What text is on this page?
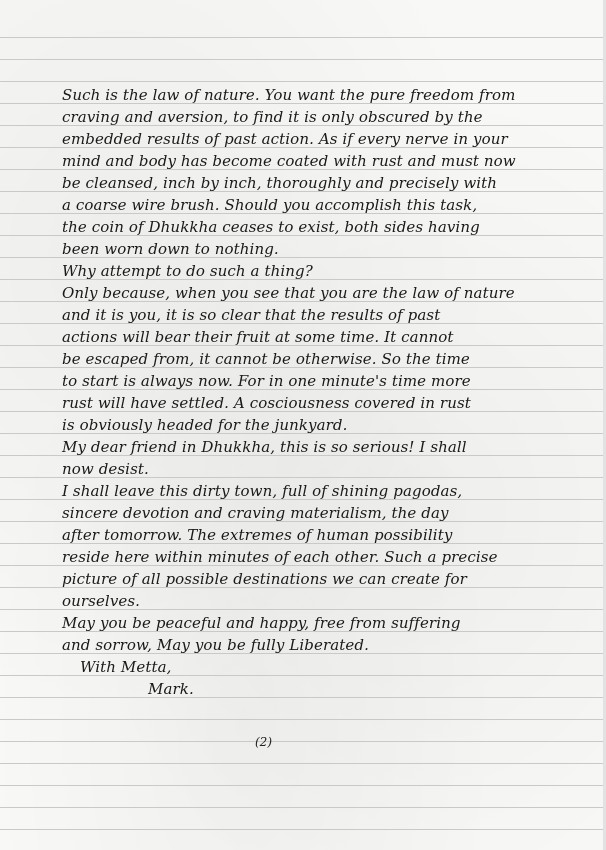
Such is the law of nature. You want the pure freedom from
craving and aversion, to find it is only obscured by the
embedded results of past action. As if every nerve in your
mind and body has become coated with rust and must now
be cleansed, inch by inch, thoroughly and precisely with
a coarse wire brush. Should you accomplish this task,
the coin of Dhukkha ceases to exist, both sides having
been worn down to nothing.
Why attempt to do such a thing?
Only because, when you see that you are the law of nature
and it is you, it is so clear that the results of past
actions will bear their fruit at some time. It cannot
be escaped from, it cannot be otherwise. So the time
to start is always now. For in one minute's time more
rust will have settled. A cosciousness covered in rust
is obviously headed for the junkyard.
My dear friend in Dhukkha, this is so serious! I shall
now desist.
I shall leave this dirty town, full of shining pagodas,
sincere devotion and craving materialism, the day
after tomorrow. The extremes of human possibility
reside here within minutes of each other. Such a precise
picture of all possible destinations we can create for
ourselves.
May you be peaceful and happy, free from suffering
and sorrow, May you be fully Liberated.
With Metta,
Mark.
(2)
